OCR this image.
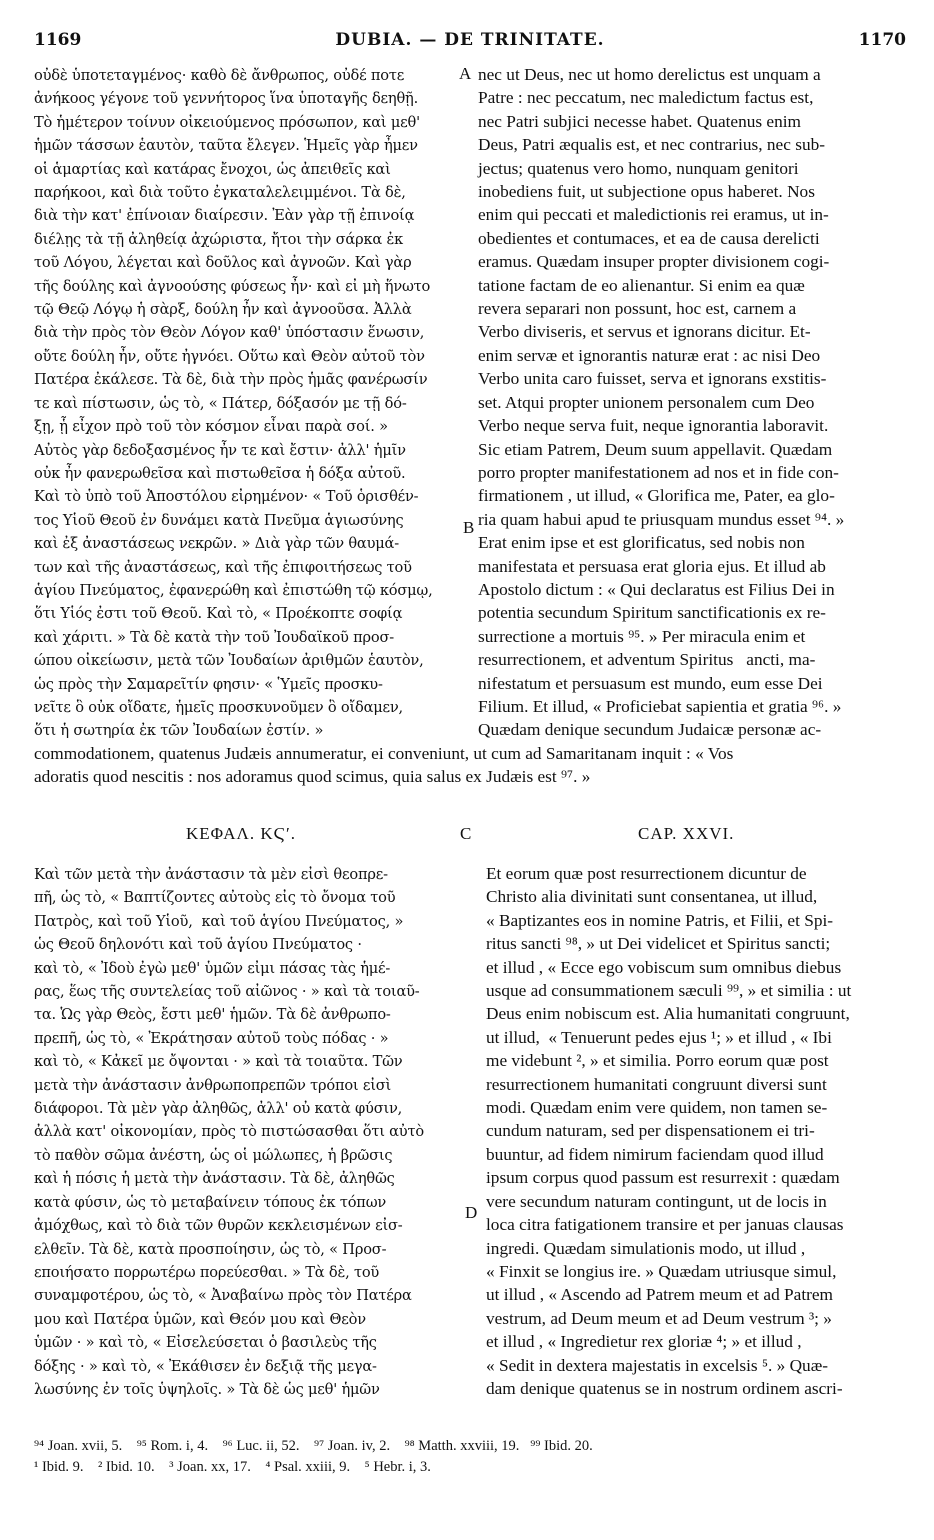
1169	DUBIA. — DE TRINITATE.	1170
οὐδὲ ὑποτεταγμένος· καθὸ δὲ ἄνθρωπος, οὐδέ ποτε
ἀνήκοος γέγονε τοῦ γεννήτορος ἵνα ὑποταγῆς δεηθῇ.
Τὸ ἡμέτερον τοίνυν οἰκειούμενος πρόσωπον, καὶ μεθ'
ἡμῶν τάσσων ἑαυτὸν, ταῦτα ἔλεγεν. Ἡμεῖς γὰρ ἦμεν
οἱ ἁμαρτίας καὶ κατάρας ἔνοχοι, ὡς ἀπειθεῖς καὶ
παρήκοοι, καὶ διὰ τοῦτο ἐγκαταλελειμμένοι. Τὰ δὲ,
διὰ τὴν κατ' ἐπίνοιαν διαίρεσιν. Ἐὰν γὰρ τῇ ἐπινοίᾳ
διέλῃς τὰ τῇ ἀληθείᾳ ἀχώριστα, ἤτοι τὴν σάρκα ἐκ
τοῦ Λόγου, λέγεται καὶ δοῦλος καὶ ἀγνοῶν. Καὶ γὰρ
τῆς δούλης καὶ ἀγνοούσης φύσεως ἦν· καὶ εἰ μὴ ἥνωτο
τῷ Θεῷ Λόγῳ ἡ σὰρξ, δούλη ἦν καὶ ἀγνοοῦσα. Ἀλλὰ
διὰ τὴν πρὸς τὸν Θεὸν Λόγον καθ' ὑπόστασιν ἕνωσιν,
οὔτε δούλη ἦν, οὔτε ἠγνόει. Οὕτω καὶ Θεὸν αὐτοῦ τὸν
Πατέρα ἐκάλεσε. Τὰ δὲ, διὰ τὴν πρὸς ἡμᾶς φανέρωσίν
τε καὶ πίστωσιν, ὡς τὸ, « Πάτερ, δόξασόν με τῇ δό-
ξῃ, ᾗ εἶχον πρὸ τοῦ τὸν κόσμον εἶναι παρὰ σοί. »
Αὐτὸς γὰρ δεδοξασμένος ἦν τε καὶ ἔστιν· ἀλλ' ἡμῖν
οὐκ ἦν φανερωθεῖσα καὶ πιστωθεῖσα ἡ δόξα αὐτοῦ.
Καὶ τὸ ὑπὸ τοῦ Ἀποστόλου εἰρημένον· « Τοῦ ὁρισθέν-
τος Υἱοῦ Θεοῦ ἐν δυνάμει κατὰ Πνεῦμα ἁγιωσύνης
καὶ ἐξ ἀναστάσεως νεκρῶν. » Διὰ γὰρ τῶν θαυμά-
των καὶ τῆς ἀναστάσεως, καὶ τῆς ἐπιφοιτήσεως τοῦ
ἁγίου Πνεύματος, ἐφανερώθη καὶ ἐπιστώθη τῷ κόσμῳ,
ὅτι Υἱός ἐστι τοῦ Θεοῦ. Καὶ τὸ, « Προέκοπτε σοφίᾳ
καὶ χάριτι. » Τὰ δὲ κατὰ τὴν τοῦ Ἰουδαϊκοῦ προσ-
ώπου οἰκείωσιν, μετὰ τῶν Ἰουδαίων ἀριθμῶν ἑαυτὸν,
ὡς πρὸς τὴν Σαμαρεῖτίν φησιν· « Ὑμεῖς προσκυ-
νεῖτε ὃ οὐκ οἴδατε, ἡμεῖς προσκυνοῦμεν ὃ οἴδαμεν,
ὅτι ἡ σωτηρία ἐκ τῶν Ἰουδαίων ἐστίν. »
nec ut Deus, nec ut homo derelictus est unquam a
Patre : nec peccatum, nec maledictum factus est,
nec Patri subjici necesse habet. Quatenus enim
Deus, Patri æqualis est, et nec contrarius, nec sub-
jectus; quatenus vero homo, nunquam genitori
inobediens fuit, ut subjectione opus haberet. Nos
enim qui peccati et maledictionis rei eramus, ut in-
obedientes et contumaces, et ea de causa derelicti
eramus. Quædam insuper propter divisionem cogi-
tatione factam de eo alienantur. Si enim ea quæ
revera separari non possunt, hoc est, carnem a
Verbo diviseris, et servus et ignorans dicitur. Et-
enim servæ et ignorantis naturæ erat : ac nisi Deo
Verbo unita caro fuisset, serva et ignorans exstitis-
set. Atqui propter unionem personalem cum Deo
Verbo neque serva fuit, neque ignorantia laboravit.
Sic etiam Patrem, Deum suum appellavit. Quædam
porro propter manifestationem ad nos et in fide con-
firmationem , ut illud, « Glorifica me, Pater, ea glo-
ria quam habui apud te priusquam mundus esset ⁹⁴. »
Erat enim ipse et est glorificatus, sed nobis non
manifestata et persuasa erat gloria ejus. Et illud ab
Apostolo dictum : « Qui declaratus est Filius Dei in
potentia secundum Spiritum sanctificationis ex re-
surrectione a mortuis ⁹⁵. » Per miracula enim et
resurrectionem, et adventum Spiritus   ancti, ma-
nifestatum et persuasum est mundo, eum esse Dei
Filium. Et illud, « Proficiebat sapientia et gratia ⁹⁶. »
Quædam denique secundum Judaicæ personæ ac-
commodationem, quatenus Judæis annumeratur, ei conveniunt, ut cum ad Samaritanam inquit : « Vos
adoratis quod nescitis : nos adoramus quod scimus, quia salus ex Judæis est ⁹⁷. »
A
B
C
D
ΚΕΦΑΛ. ΚϚʹ.	CAP. XXVI.
Καὶ τῶν μετὰ τὴν ἀνάστασιν τὰ μὲν εἰσὶ θεοπρε-
πῆ, ὡς τὸ, « Βαπτίζοντες αὐτοὺς εἰς τὸ ὄνομα τοῦ
Πατρὸς, καὶ τοῦ Υἱοῦ,  καὶ τοῦ ἁγίου Πνεύματος, »
ὡς Θεοῦ δηλονότι καὶ τοῦ ἁγίου Πνεύματος ·
καὶ τὸ, « Ἰδοὺ ἐγὼ μεθ' ὑμῶν εἰμι πάσας τὰς ἡμέ-
ρας, ἕως τῆς συντελείας τοῦ αἰῶνος · » καὶ τὰ τοιαῦ-
τα. Ὡς γὰρ Θεὸς, ἔστι μεθ' ἡμῶν. Τὰ δὲ ἀνθρωπο-
πρεπῆ, ὡς τὸ, « Ἐκράτησαν αὐτοῦ τοὺς πόδας · »
καὶ τὸ, « Κἀκεῖ με ὄψονται · » καὶ τὰ τοιαῦτα. Τῶν
μετὰ τὴν ἀνάστασιν ἀνθρωποπρεπῶν τρόποι εἰσὶ
διάφοροι. Τὰ μὲν γὰρ ἀληθῶς, ἀλλ' οὐ κατὰ φύσιν,
ἀλλὰ κατ' οἰκονομίαν, πρὸς τὸ πιστώσασθαι ὅτι αὐτὸ
τὸ παθὸν σῶμα ἀνέστη, ὡς οἱ μώλωπες, ἡ βρῶσις
καὶ ἡ πόσις ἡ μετὰ τὴν ἀνάστασιν. Τὰ δὲ, ἀληθῶς
κατὰ φύσιν, ὡς τὸ μεταβαίνειν τόπους ἐκ τόπων
ἀμόχθως, καὶ τὸ διὰ τῶν θυρῶν κεκλεισμένων εἰσ-
ελθεῖν. Τὰ δὲ, κατὰ προσποίησιν, ὡς τὸ, « Προσ-
εποιήσατο πορρωτέρω πορεύεσθαι. » Τὰ δὲ, τοῦ
συναμφοτέρου, ὡς τὸ, « Ἀναβαίνω πρὸς τὸν Πατέρα
μου καὶ Πατέρα ὑμῶν, καὶ Θεόν μου καὶ Θεὸν
ὑμῶν · » καὶ τὸ, « Εἰσελεύσεται ὁ βασιλεὺς τῆς
δόξης · » καὶ τὸ, « Ἐκάθισεν ἐν δεξιᾷ τῆς μεγα-
λωσύνης ἐν τοῖς ὑψηλοῖς. » Τὰ δὲ ὡς μεθ' ἡμῶν
Et eorum quæ post resurrectionem dicuntur de
Christo alia divinitati sunt consentanea, ut illud,
« Baptizantes eos in nomine Patris, et Filii, et Spi-
ritus sancti ⁹⁸, » ut Dei videlicet et Spiritus sancti;
et illud , « Ecce ego vobiscum sum omnibus diebus
usque ad consummationem sæculi ⁹⁹, » et similia : ut
Deus enim nobiscum est. Alia humanitati congruunt,
ut illud,  « Tenuerunt pedes ejus ¹; » et illud , « Ibi
me videbunt ², » et similia. Porro eorum quæ post
resurrectionem humanitati congruunt diversi sunt
modi. Quædam enim vere quidem, non tamen se-
cundum naturam, sed per dispensationem ei tri-
buuntur, ad fidem nimirum faciendam quod illud
ipsum corpus quod passum est resurrexit : quædam
vere secundum naturam contingunt, ut de locis in
loca citra fatigationem transire et per januas clausas
ingredi. Quædam simulationis modo, ut illud ,
« Finxit se longius ire. » Quædam utriusque simul,
ut illud , « Ascendo ad Patrem meum et ad Patrem
vestrum, ad Deum meum et ad Deum vestrum ³; »
et illud , « Ingredietur rex gloriæ ⁴; » et illud ,
« Sedit in dextera majestatis in excelsis ⁵. » Quæ-
dam denique quatenus se in nostrum ordinem ascri-
⁹⁴ Joan. xvii, 5.    ⁹⁵ Rom. i, 4.    ⁹⁶ Luc. ii, 52.    ⁹⁷ Joan. iv, 2.    ⁹⁸ Matth. xxviii, 19.   ⁹⁹ Ibid. 20.
¹ Ibid. 9.    ² Ibid. 10.    ³ Joan. xx, 17.    ⁴ Psal. xxiii, 9.    ⁵ Hebr. i, 3.
